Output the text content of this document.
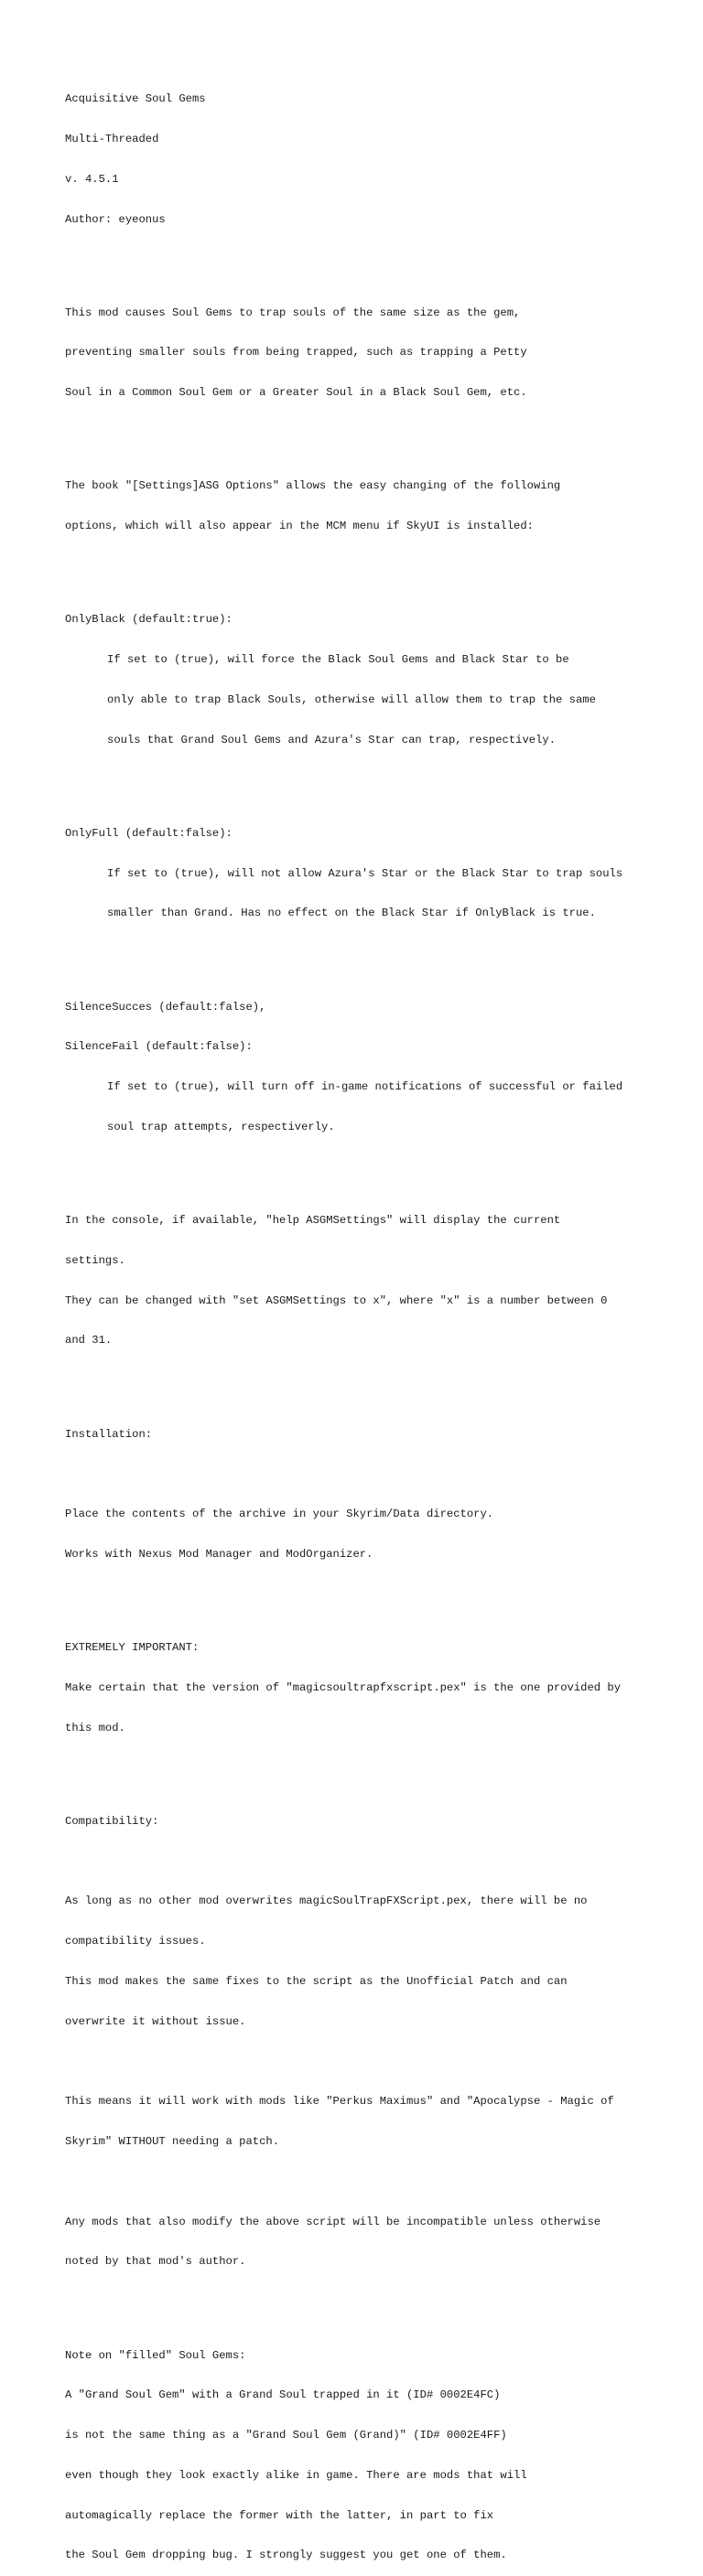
Acquisitive Soul Gems

Multi-Threaded

v. 4.5.1

Author: eyeonus

This mod causes Soul Gems to trap souls of the same size as the gem,

preventing smaller souls from being trapped, such as trapping a Petty

Soul in a Common Soul Gem or a Greater Soul in a Black Soul Gem, etc.

The book "[Settings]ASG Options" allows the easy changing of the following

options, which will also appear in the MCM menu if SkyUI is installed:

OnlyBlack (default:true):

If set to (true), will force the Black Soul Gems and Black Star to be

only able to trap Black Souls, otherwise will allow them to trap the same

souls that Grand Soul Gems and Azura's Star can trap, respectively.

OnlyFull (default:false):

If set to (true), will not allow Azura's Star or the Black Star to trap souls

smaller than Grand. Has no effect on the Black Star if OnlyBlack is true.

SilenceSucces (default:false),

SilenceFail (default:false):

If set to (true), will turn off in-game notifications of successful or failed

soul trap attempts, respectiverly.

In the console, if available, "help ASGMSettings" will display the current

settings.

They can be changed with "set ASGMSettings to x", where "x" is a number between 0

and 31.

Installation:

Place the contents of the archive in your Skyrim/Data directory.

Works with Nexus Mod Manager and ModOrganizer.

EXTREMELY IMPORTANT:

Make certain that the version of "magicsoultrapfxscript.pex" is the one provided by

this mod.

Compatibility:

As long as no other mod overwrites magicSoulTrapFXScript.pex, there will be no

compatibility issues.

This mod makes the same fixes to the script as the Unofficial Patch and can

overwrite it without issue.

This means it will work with mods like "Perkus Maximus" and "Apocalypse - Magic of

Skyrim" WITHOUT needing a patch.

Any mods that also modify the above script will be incompatible unless otherwise

noted by that mod's author.

Note on "filled" Soul Gems:

A "Grand Soul Gem" with a Grand Soul trapped in it (ID# 0002E4FC)

is not the same thing as a "Grand Soul Gem (Grand)" (ID# 0002E4FF)

even though they look exactly alike in game. There are mods that will

automagically replace the former with the latter, in part to fix

the Soul Gem dropping bug. I strongly suggest you get one of them.
